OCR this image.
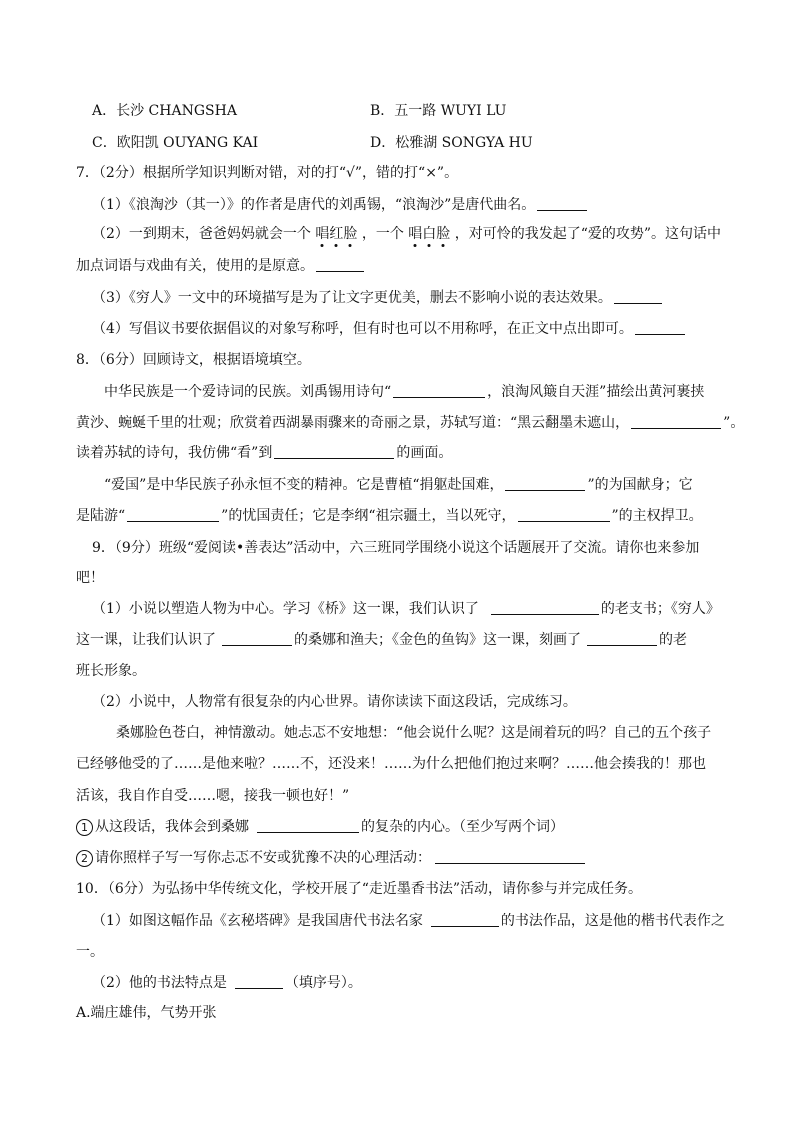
A．长沙 CHANGSHA	B．五一路 WUYI LU
C．欧阳凯 OUYANG KAI	D．松雅湖 SONGYA HU
7．（2分）根据所学知识判断对错，对的打“√”，错的打“×”。
（1）《浪淘沙（其一）》的作者是唐代的刘禹锡，“浪淘沙”是唐代曲名。
（2）一到期末，爸爸妈妈就会一个 唱红脸 ，一个 唱白脸 ，对可怜的我发起了“爱的攻势”。这句话中
加点词语与戏曲有关，使用的是原意。
（3）《穷人》一文中的环境描写是为了让文字更优美，删去不影响小说的表达效果。
（4）写倡议书要依据倡议的对象写称呼，但有时也可以不用称呼，在正文中点出即可。
8．（6分）回顾诗文，根据语境填空。
中华民族是一个爱诗词的民族。刘禹锡用诗句“	，浪淘风簸自天涯”描绘出黄河裹挟
黄沙、蜿蜒千里的壮观；欣赏着西湖暴雨骤来的奇丽之景，苏轼写道：“黑云翻墨未遮山，	”。
读着苏轼的诗句，我仿佛“看”到	的画面。
“爱国”是中华民族子孙永恒不变的精神。它是曹植“捐躯赴国难，	”的为国献身；它
是陆游“	”的忧国责任；它是李纲“祖宗疆土，当以死守，	”的主权捍卫。
9．（9分）班级“爱阅读•善表达”活动中，六三班同学围绕小说这个话题展开了交流。请你也来参加
吧！
（1）小说以塑造人物为中心。学习《桥》这一课，我们认识了	的老支书；《穷人》
这一课，让我们认识了	的桑娜和渔夫；《金色的鱼钩》这一课，刻画了	的老
班长形象。
（2）小说中，人物常有很复杂的内心世界。请你读读下面这段话，完成练习。
桑娜脸色苍白，神情激动。她忐忑不安地想：“他会说什么呢？这是闹着玩的吗？自己的五个孩子
已经够他受的了……是他来啦？……不，还没来！……为什么把他们抱过来啊？……他会揍我的！那也
活该，我自作自受……嗯，接我一顿也好！”
1 从这段话，我体会到桑娜	的复杂的内心。（至少写两个词）
2 请你照样子写一写你忐忑不安或犹豫不决的心理活动：
10．（6分）为弘扬中华传统文化，学校开展了“走近墨香书法”活动，请你参与并完成任务。
（1）如图这幅作品《玄秘塔碑》是我国唐代书法名家	的书法作品，这是他的楷书代表作之
一。
（2）他的书法特点是	（填序号）。
A.端庄雄伟，气势开张
